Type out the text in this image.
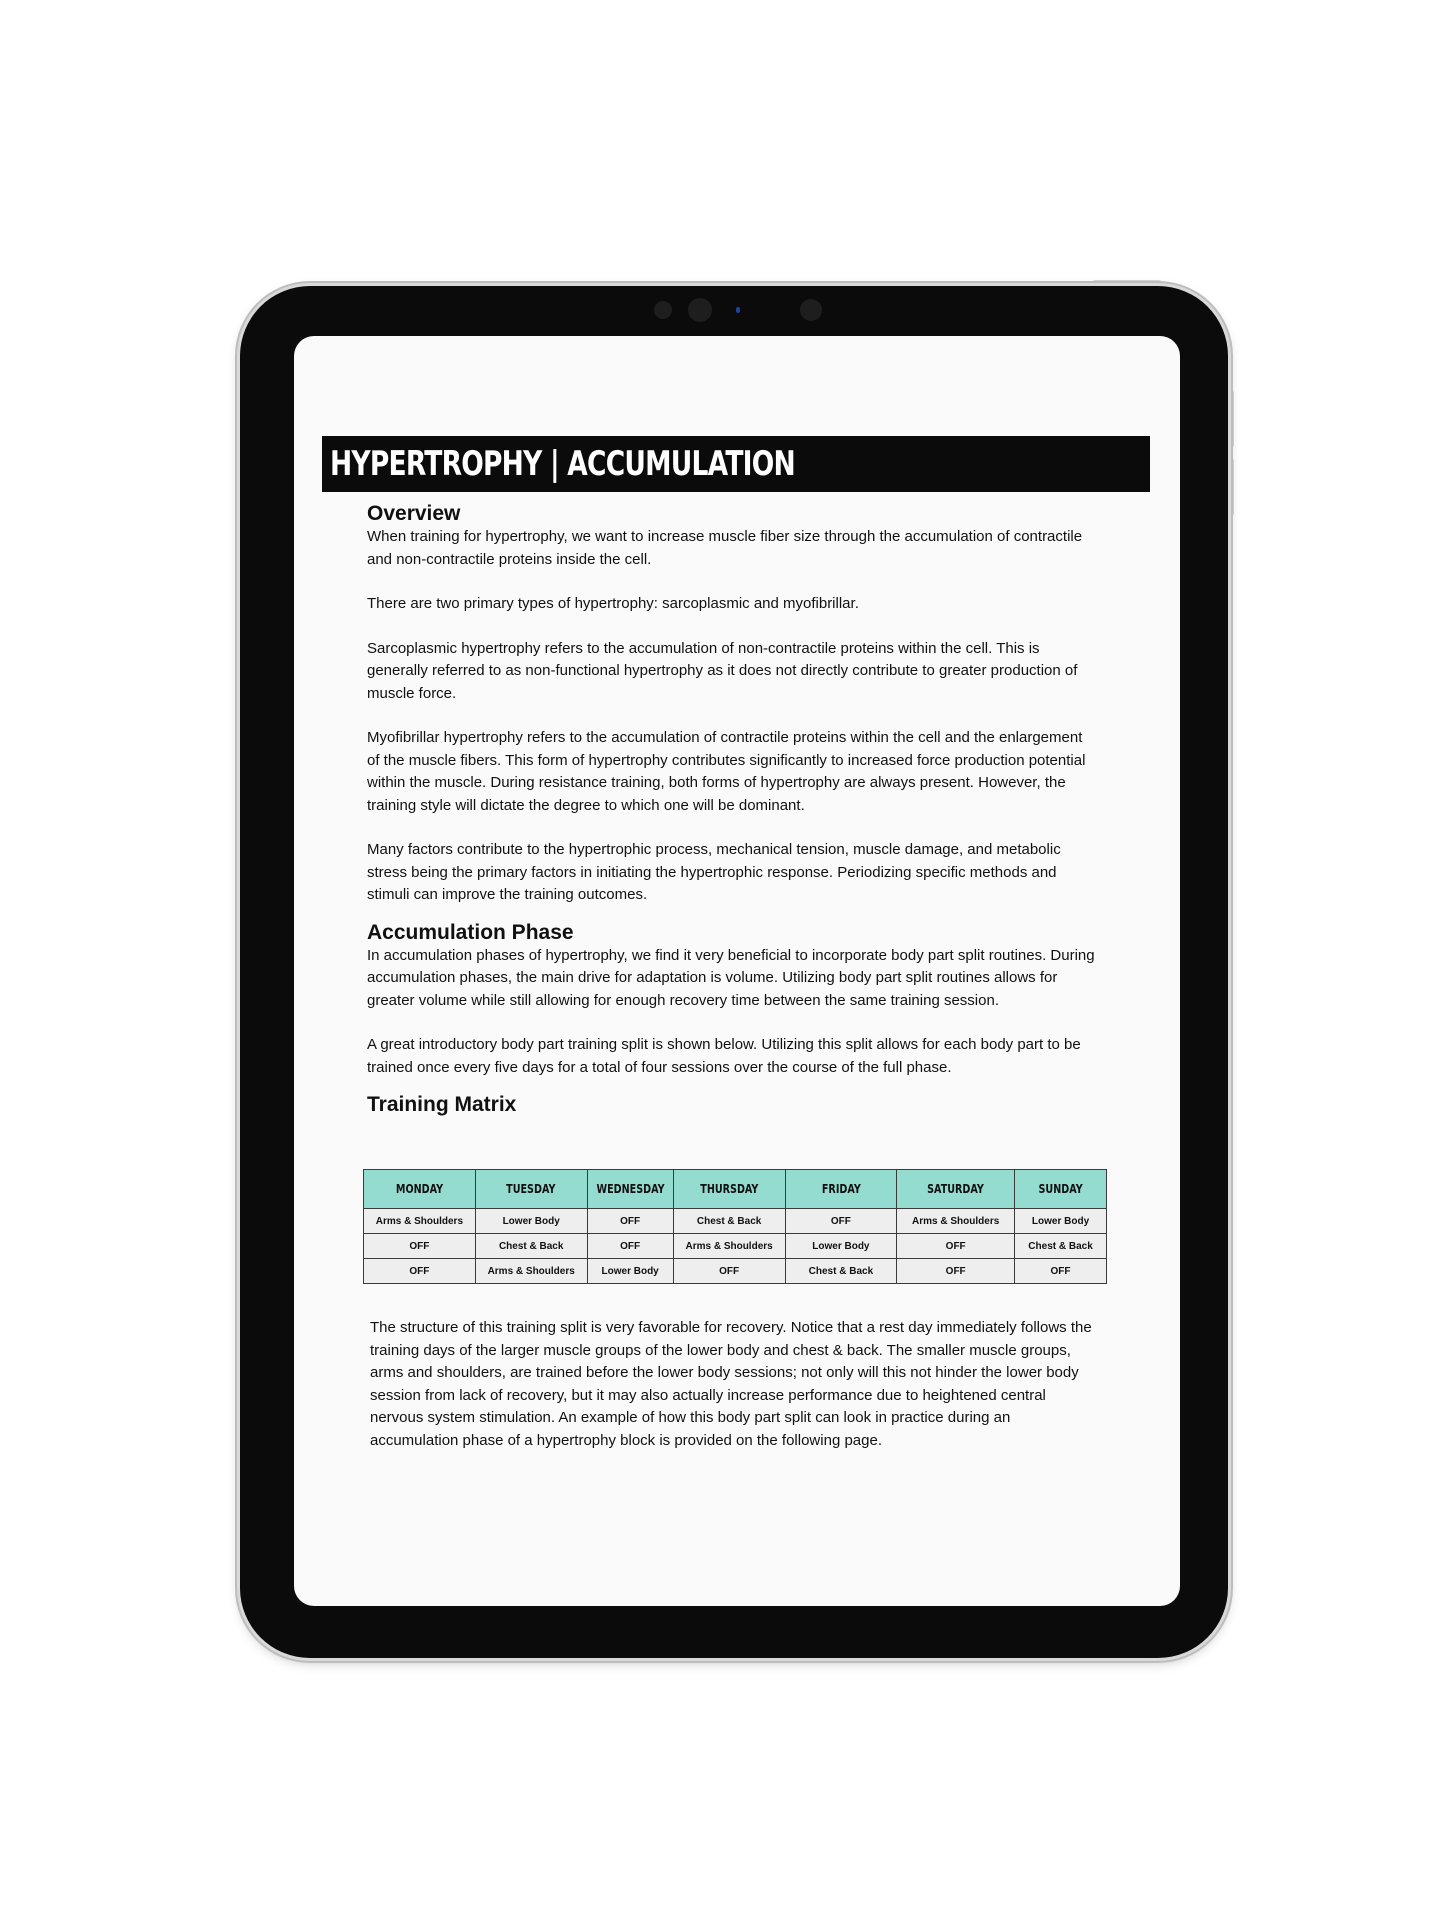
HYPERTROPHY | ACCUMULATION
Overview

When training for hypertrophy, we want to increase muscle fiber size through the accumulation of contractile and non-contractile proteins inside the cell.

There are two primary types of hypertrophy: sarcoplasmic and myofibrillar.

Sarcoplasmic hypertrophy refers to the accumulation of non-contractile proteins within the cell. This is generally referred to as non-functional hypertrophy as it does not directly contribute to greater production of muscle force.

Myofibrillar hypertrophy refers to the accumulation of contractile proteins within the cell and the enlargement of the muscle fibers. This form of hypertrophy contributes significantly to increased force production potential within the muscle. During resistance training, both forms of hypertrophy are always present. However, the training style will dictate the degree to which one will be dominant.

Many factors contribute to the hypertrophic process, mechanical tension, muscle damage, and metabolic stress being the primary factors in initiating the hypertrophic response. Periodizing specific methods and stimuli can improve the training outcomes.

Accumulation Phase

In accumulation phases of hypertrophy, we find it very beneficial to incorporate body part split routines. During accumulation phases, the main drive for adaptation is volume. Utilizing body part split routines allows for greater volume while still allowing for enough recovery time between the same training session.

A great introductory body part training split is shown below. Utilizing this split allows for each body part to be trained once every five days for a total of four sessions over the course of the full phase.

Training Matrix
MONDAY	TUESDAY	WEDNESDAY	THURSDAY	FRIDAY	SATURDAY	SUNDAY
Arms & Shoulders	Lower Body	OFF	Chest & Back	OFF	Arms & Shoulders	Lower Body
OFF	Chest & Back	OFF	Arms & Shoulders	Lower Body	OFF	Chest & Back
OFF	Arms & Shoulders	Lower Body	OFF	Chest & Back	OFF	OFF

The structure of this training split is very favorable for recovery. Notice that a rest day immediately follows the training days of the larger muscle groups of the lower body and chest & back. The smaller muscle groups, arms and shoulders, are trained before the lower body sessions; not only will this not hinder the lower body session from lack of recovery, but it may also actually increase performance due to heightened central nervous system stimulation. An example of how this body part split can look in practice during an accumulation phase of a hypertrophy block is provided on the following page.
